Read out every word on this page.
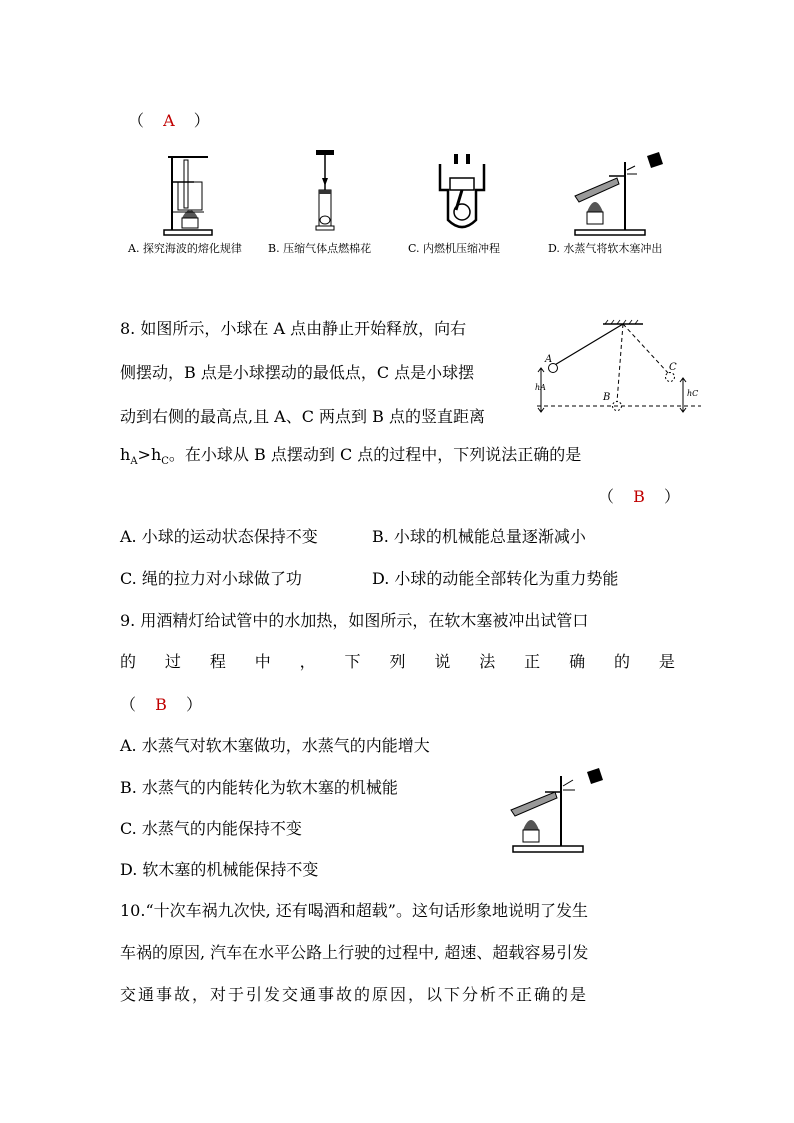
（ A ）
A. 探究海波的熔化规律 B. 压缩气体点燃棉花	C. 内燃机压缩冲程	D. 水蒸气将软木塞冲出
8. 如图所示，小球在 A 点由静止开始释放，向右
侧摆动，B 点是小球摆动的最低点，C 点是小球摆
动到右侧的最高点,且 A、C 两点到 B 点的竖直距离
$h_A>h_C$。在小球从 B 点摆动到 C 点的过程中，下列说法正确的是
（ B ）
A
B
C
hA
hC
A. 小球的运动状态保持不变	B. 小球的机械能总量逐渐减小
C. 绳的拉力对小球做了功	D. 小球的动能全部转化为重力势能
9. 用酒精灯给试管中的水加热，如图所示，在软木塞被冲出试管口
的 过 程 中 ， 下 列 说 法 正 确 的 是
（ B ）
A. 水蒸气对软木塞做功，水蒸气的内能增大
B. 水蒸气的内能转化为软木塞的机械能
C. 水蒸气的内能保持不变
D. 软木塞的机械能保持不变
10.“十次车祸九次快, 还有喝酒和超载”。这句话形象地说明了发生
车祸的原因, 汽车在水平公路上行驶的过程中, 超速、超载容易引发
交通事故，对于引发交通事故的原因，以下分析不正确的是
